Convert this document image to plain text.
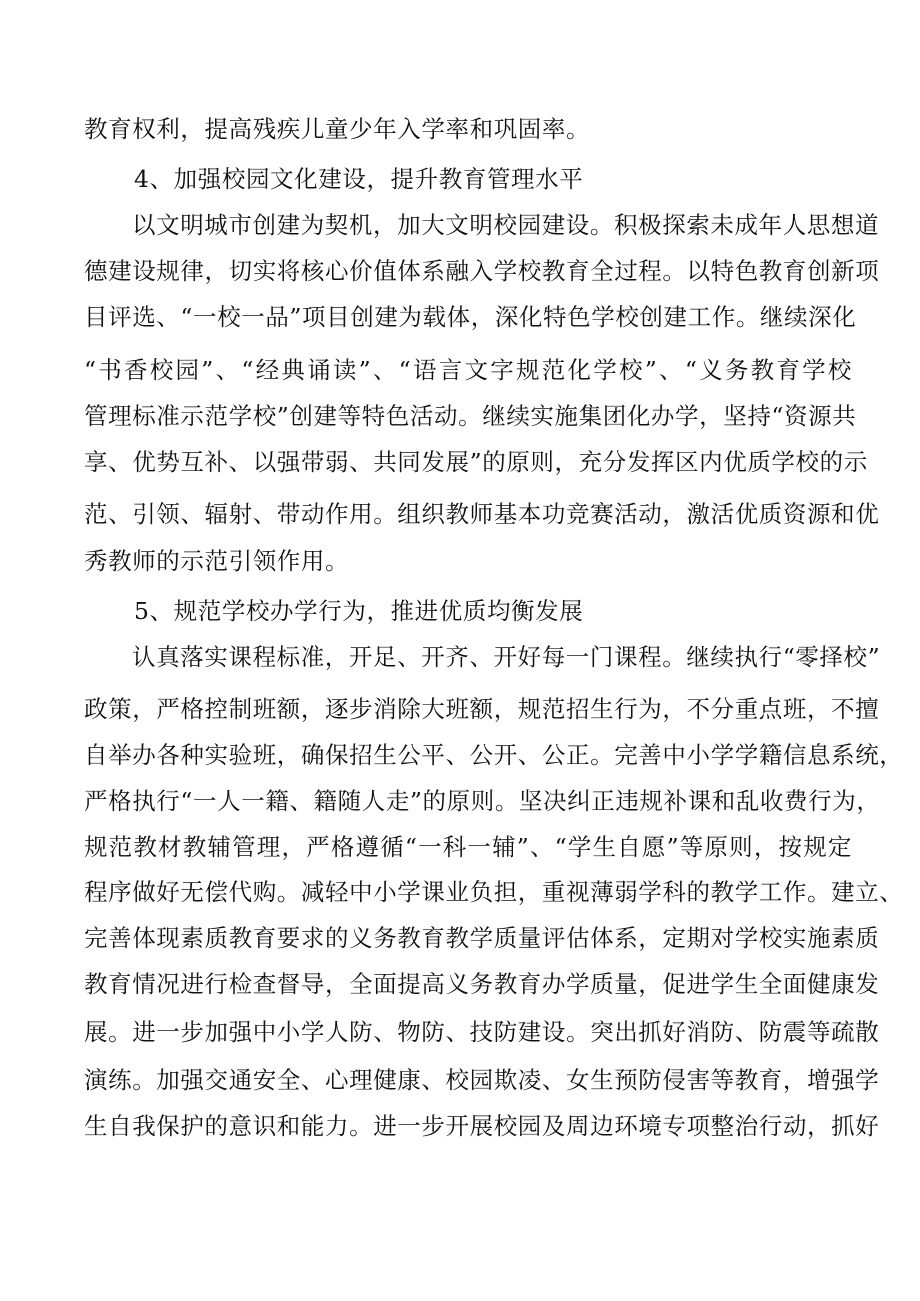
教育权利，提高残疾儿童少年入学率和巩固率。
4、加强校园文化建设，提升教育管理水平
以文明城市创建为契机，加大文明校园建设。积极探索未成年人思想道
德建设规律，切实将核心价值体系融入学校教育全过程。以特色教育创新项
目评选、“一校一品”项目创建为载体，深化特色学校创建工作。继续深化
“书香校园”、“经典诵读”、“语言文字规范化学校”、“义务教育学校
管理标准示范学校”创建等特色活动。继续实施集团化办学，坚持“资源共
享、优势互补、以强带弱、共同发展”的原则，充分发挥区内优质学校的示
范、引领、辐射、带动作用。组织教师基本功竞赛活动，激活优质资源和优
秀教师的示范引领作用。
5、规范学校办学行为，推进优质均衡发展
认真落实课程标准，开足、开齐、开好每一门课程。继续执行“零择校”
政策，严格控制班额，逐步消除大班额，规范招生行为，不分重点班，不擅
自举办各种实验班，确保招生公平、公开、公正。完善中小学学籍信息系统，
严格执行“一人一籍、籍随人走”的原则。坚决纠正违规补课和乱收费行为，
规范教材教辅管理，严格遵循“一科一辅”、“学生自愿”等原则，按规定
程序做好无偿代购。减轻中小学课业负担，重视薄弱学科的教学工作。建立、
完善体现素质教育要求的义务教育教学质量评估体系，定期对学校实施素质
教育情况进行检查督导，全面提高义务教育办学质量，促进学生全面健康发
展。进一步加强中小学人防、物防、技防建设。突出抓好消防、防震等疏散
演练。加强交通安全、心理健康、校园欺凌、女生预防侵害等教育，增强学
生自我保护的意识和能力。进一步开展校园及周边环境专项整治行动，抓好
